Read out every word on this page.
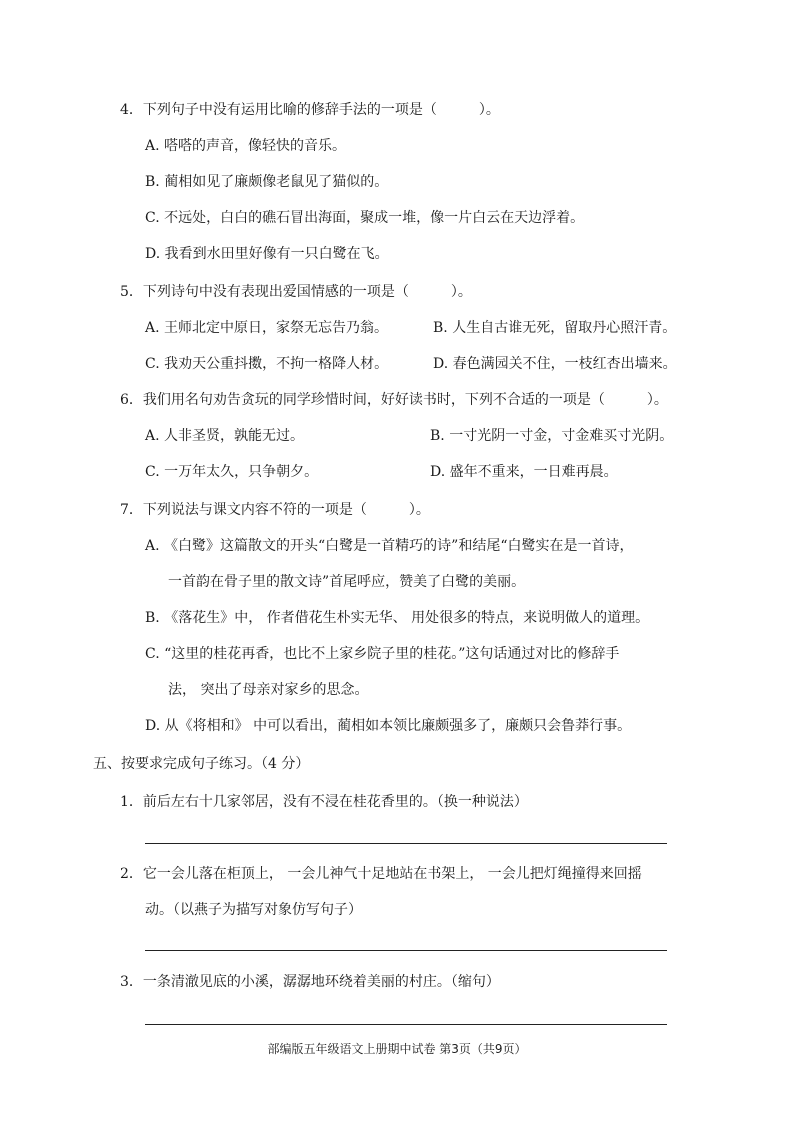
4．下列句子中没有运用比喻的修辞手法的一项是（　　　）。
A. 嗒嗒的声音，像轻快的音乐。
B. 蔺相如见了廉颇像老鼠见了猫似的。
C. 不远处，白白的礁石冒出海面，聚成一堆，像一片白云在天边浮着。
D. 我看到水田里好像有一只白鹭在飞。
5．下列诗句中没有表现出爱国情感的一项是（　　　）。
A. 王师北定中原日，家祭无忘告乃翁。	B. 人生自古谁无死，留取丹心照汗青。
C. 我劝天公重抖擞，不拘一格降人材。	D. 春色满园关不住，一枝红杏出墙来。
6．我们用名句劝告贪玩的同学珍惜时间，好好读书时，下列不合适的一项是（　　　）。
A. 人非圣贤，孰能无过。	B. 一寸光阴一寸金，寸金难买寸光阴。
C. 一万年太久，只争朝夕。	D. 盛年不重来，一日难再晨。
7．下列说法与课文内容不符的一项是（　　　）。
A. 《白鹭》这篇散文的开头“白鹭是一首精巧的诗”和结尾“白鹭实在是一首诗，
一首韵在骨子里的散文诗”首尾呼应，赞美了白鹭的美丽。
B. 《落花生》中， 作者借花生朴实无华、 用处很多的特点，来说明做人的道理。
C. “这里的桂花再香，也比不上家乡院子里的桂花。”这句话通过对比的修辞手
法， 突出了母亲对家乡的思念。
D. 从《将相和》 中可以看出，蔺相如本领比廉颇强多了，廉颇只会鲁莽行事。
五、按要求完成句子练习。（4 分）
1．前后左右十几家邻居，没有不浸在桂花香里的。（换一种说法）
2．它一会儿落在柜顶上， 一会儿神气十足地站在书架上， 一会儿把灯绳撞得来回摇
动。（以燕子为描写对象仿写句子）
3．一条清澈见底的小溪，潺潺地环绕着美丽的村庄。（缩句）
部编版五年级语文上册期中试卷 第3页（共9页）
